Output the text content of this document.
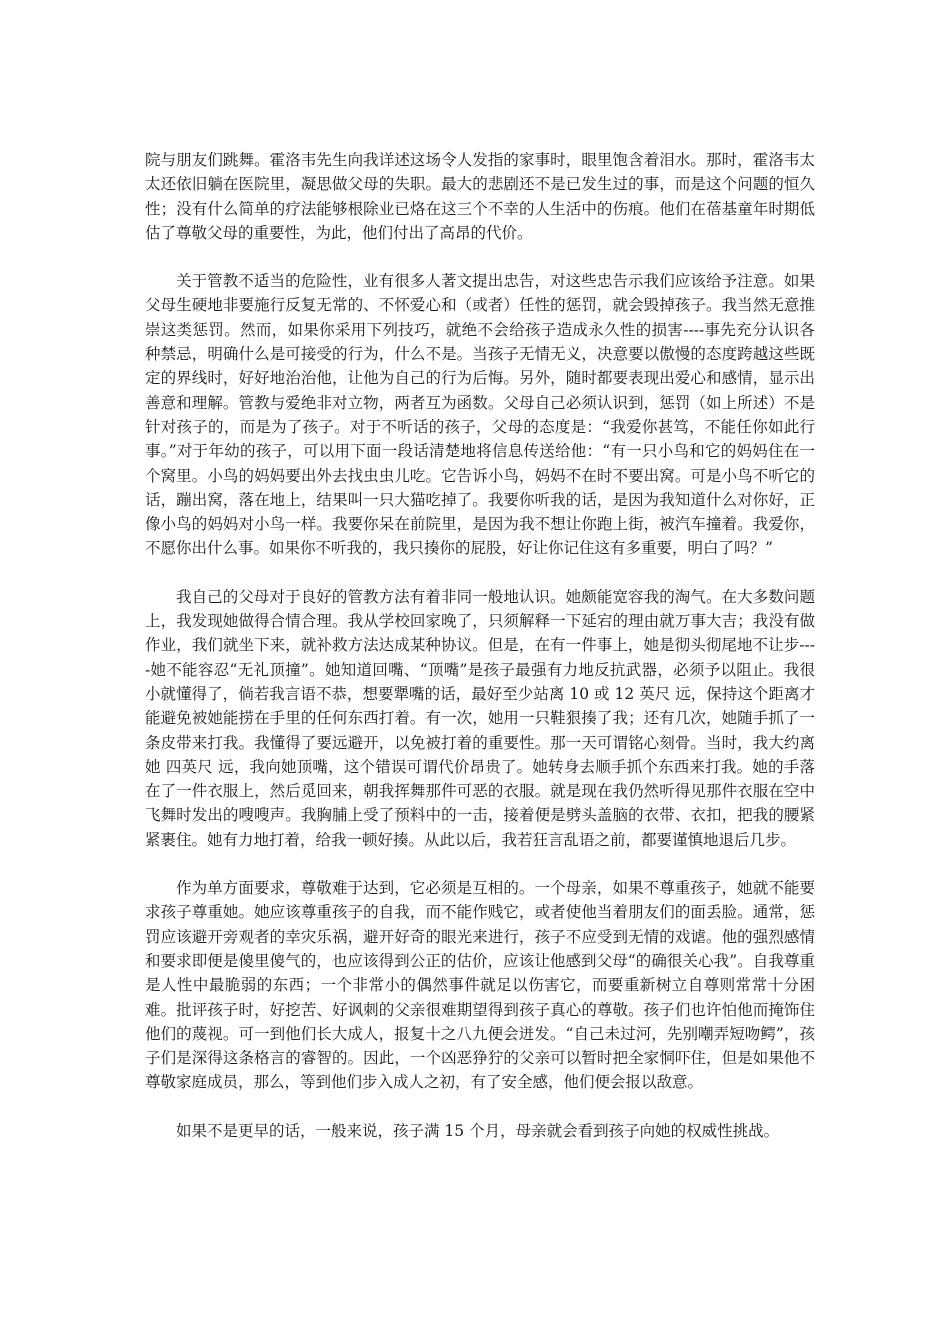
院与朋友们跳舞。霍洛韦先生向我详述这场令人发指的家事时，眼里饱含着泪水。那时，霍洛韦太太还依旧躺在医院里，凝思做父母的失职。最大的悲剧还不是已发生过的事，而是这个问题的恒久性；没有什么简单的疗法能够根除业已烙在这三个不幸的人生活中的伤痕。他们在蓓基童年时期低估了尊敬父母的重要性，为此，他们付出了高昂的代价。

关于管教不适当的危险性，业有很多人著文提出忠告，对这些忠告示我们应该给予注意。如果父母生硬地非要施行反复无常的、不怀爱心和（或者）任性的惩罚，就会毁掉孩子。我当然无意推崇这类惩罚。然而，如果你采用下列技巧，就绝不会给孩子造成永久性的损害----事先充分认识各种禁忌，明确什么是可接受的行为，什么不是。当孩子无情无义，决意要以傲慢的态度跨越这些既定的界线时，好好地治治他，让他为自己的行为后悔。另外，随时都要表现出爱心和感情，显示出善意和理解。管教与爱绝非对立物，两者互为函数。父母自己必须认识到，惩罚（如上所述）不是针对孩子的，而是为了孩子。对于不听话的孩子，父母的态度是：“我爱你甚笃，不能任你如此行事。”对于年幼的孩子，可以用下面一段话清楚地将信息传送给他：“有一只小鸟和它的妈妈住在一个窝里。小鸟的妈妈要出外去找虫虫儿吃。它告诉小鸟，妈妈不在时不要出窝。可是小鸟不听它的话，蹦出窝，落在地上，结果叫一只大猫吃掉了。我要你听我的话，是因为我知道什么对你好，正像小鸟的妈妈对小鸟一样。我要你呆在前院里，是因为我不想让你跑上街，被汽车撞着。我爱你，不愿你出什么事。如果你不听我的，我只揍你的屁股，好让你记住这有多重要，明白了吗？”

我自己的父母对于良好的管教方法有着非同一般地认识。她颇能宽容我的淘气。在大多数问题上，我发现她做得合情合理。我从学校回家晚了，只须解释一下延宕的理由就万事大吉；我没有做作业，我们就坐下来，就补救方法达成某种协议。但是，在有一件事上，她是彻头彻尾地不让步----她不能容忍“无礼顶撞”。她知道回嘴、“顶嘴”是孩子最强有力地反抗武器，必须予以阻止。我很小就懂得了，倘若我言语不恭，想要犟嘴的话，最好至少站离 10 或 12 英尺 远，保持这个距离才能避免被她能捞在手里的任何东西打着。有一次，她用一只鞋狠揍了我；还有几次，她随手抓了一条皮带来打我。我懂得了要远避开，以免被打着的重要性。那一天可谓铭心刻骨。当时，我大约离她 四英尺 远，我向她顶嘴，这个错误可谓代价昂贵了。她转身去顺手抓个东西来打我。她的手落在了一件衣服上，然后觅回来，朝我挥舞那件可恶的衣服。就是现在我仍然听得见那件衣服在空中飞舞时发出的嗖嗖声。我胸脯上受了预料中的一击，接着便是劈头盖脑的衣带、衣扣，把我的腰紧紧裹住。她有力地打着，给我一顿好揍。从此以后，我若狂言乱语之前，都要谨慎地退后几步。

作为单方面要求，尊敬难于达到，它必须是互相的。一个母亲，如果不尊重孩子，她就不能要求孩子尊重她。她应该尊重孩子的自我，而不能作贱它，或者使他当着朋友们的面丢脸。通常，惩罚应该避开旁观者的幸灾乐祸，避开好奇的眼光来进行，孩子不应受到无情的戏谑。他的强烈感情和要求即便是傻里傻气的，也应该得到公正的估价，应该让他感到父母“的确很关心我”。自我尊重是人性中最脆弱的东西；一个非常小的偶然事件就足以伤害它，而要重新树立自尊则常常十分困难。批评孩子时，好挖苦、好讽刺的父亲很难期望得到孩子真心的尊敬。孩子们也许怕他而掩饰住他们的蔑视。可一到他们长大成人，报复十之八九便会迸发。“自己未过河，先别嘲弄短吻鳄”，孩子们是深得这条格言的睿智的。因此，一个凶恶狰狞的父亲可以暂时把全家恫吓住，但是如果他不尊敬家庭成员，那么，等到他们步入成人之初，有了安全感，他们便会报以敌意。

如果不是更早的话，一般来说，孩子满 15 个月，母亲就会看到孩子向她的权威性挑战。
